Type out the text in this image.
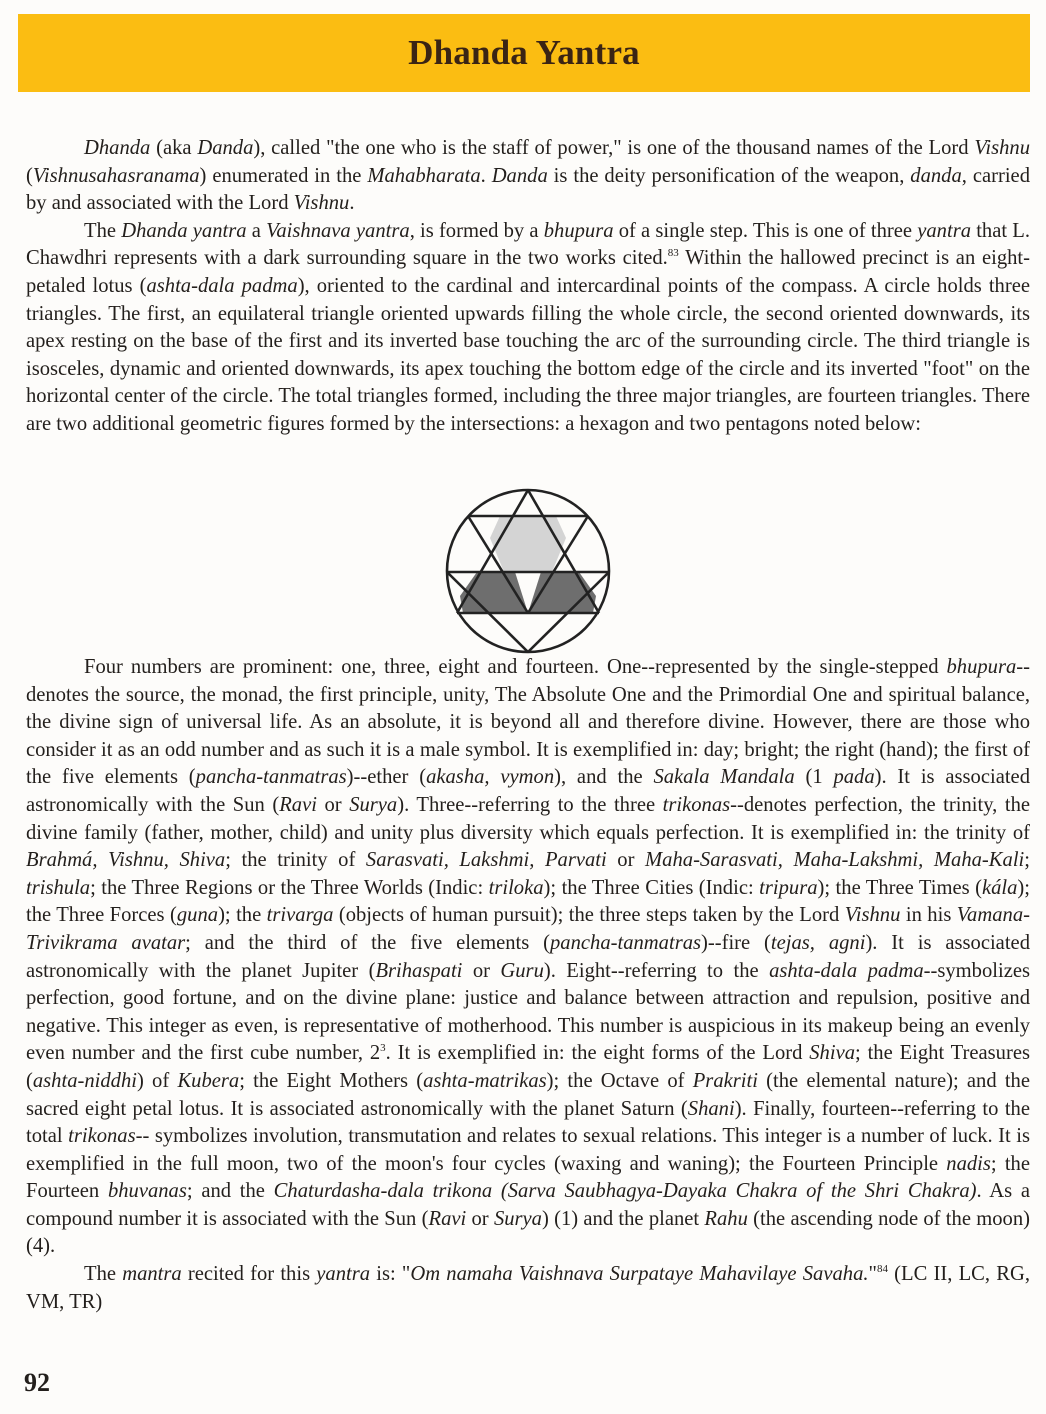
Dhanda Yantra

Dhanda (aka Danda), called "the one who is the staff of power," is one of the thousand names of the Lord Vishnu (Vishnusahasranama) enumerated in the Mahabharata. Danda is the deity personification of the weapon, danda, carried by and associated with the Lord Vishnu.

The Dhanda yantra a Vaishnava yantra, is formed by a bhupura of a single step. This is one of three yantra that L. Chawdhri represents with a dark surrounding square in the two works cited.$^{83}$ Within the hallowed precinct is an eight-petaled lotus (ashta-dala padma), oriented to the cardinal and intercardinal points of the compass. A circle holds three triangles. The first, an equilateral triangle oriented upwards filling the whole circle, the second oriented downwards, its apex resting on the base of the first and its inverted base touching the arc of the surrounding circle. The third triangle is isosceles, dynamic and oriented downwards, its apex touching the bottom edge of the circle and its inverted "foot" on the horizontal center of the circle. The total triangles formed, including the three major triangles, are fourteen triangles. There are two additional geometric figures formed by the intersections: a hexagon and two pentagons noted below:

Four numbers are prominent: one, three, eight and fourteen. One--represented by the single-stepped bhupura--denotes the source, the monad, the first principle, unity, The Absolute One and the Primordial One and spiritual balance, the divine sign of universal life. As an absolute, it is beyond all and therefore divine. However, there are those who consider it as an odd number and as such it is a male symbol. It is exemplified in: day; bright; the right (hand); the first of the five elements (pancha-tanmatras)--ether (akasha, vymon), and the Sakala Mandala (1 pada). It is associated astronomically with the Sun (Ravi or Surya). Three--referring to the three trikonas--denotes perfection, the trinity, the divine family (father, mother, child) and unity plus diversity which equals perfection. It is exemplified in: the trinity of Brahmá, Vishnu, Shiva; the trinity of Sarasvati, Lakshmi, Parvati or Maha-Sarasvati, Maha-Lakshmi, Maha-Kali; trishula; the Three Regions or the Three Worlds (Indic: triloka); the Three Cities (Indic: tripura); the Three Times (kála); the Three Forces (guna); the trivarga (objects of human pursuit); the three steps taken by the Lord Vishnu in his Vamana-Trivikrama avatar; and the third of the five elements (pancha-tanmatras)--fire (tejas, agni). It is associated astronomically with the planet Jupiter (Brihaspati or Guru). Eight--referring to the ashta-dala padma--symbolizes perfection, good fortune, and on the divine plane: justice and balance between attraction and repulsion, positive and negative. This integer as even, is representative of motherhood. This number is auspicious in its makeup being an evenly even number and the first cube number, $2^3$. It is exemplified in: the eight forms of the Lord Shiva; the Eight Treasures (ashta-niddhi) of Kubera; the Eight Mothers (ashta-matrikas); the Octave of Prakriti (the elemental nature); and the sacred eight petal lotus. It is associated astronomically with the planet Saturn (Shani). Finally, fourteen--referring to the total trikonas-- symbolizes involution, transmutation and relates to sexual relations. This integer is a number of luck. It is exemplified in the full moon, two of the moon's four cycles (waxing and waning); the Fourteen Principle nadis; the Fourteen bhuvanas; and the Chaturdasha-dala trikona (Sarva Saubhagya-Dayaka Chakra of the Shri Chakra). As a compound number it is associated with the Sun (Ravi or Surya) (1) and the planet Rahu (the ascending node of the moon) (4).

The mantra recited for this yantra is: "Om namaha Vaishnava Surpataye Mahavilaye Savaha."$^{84}$ (LC II, LC, RG, VM, TR)

92
